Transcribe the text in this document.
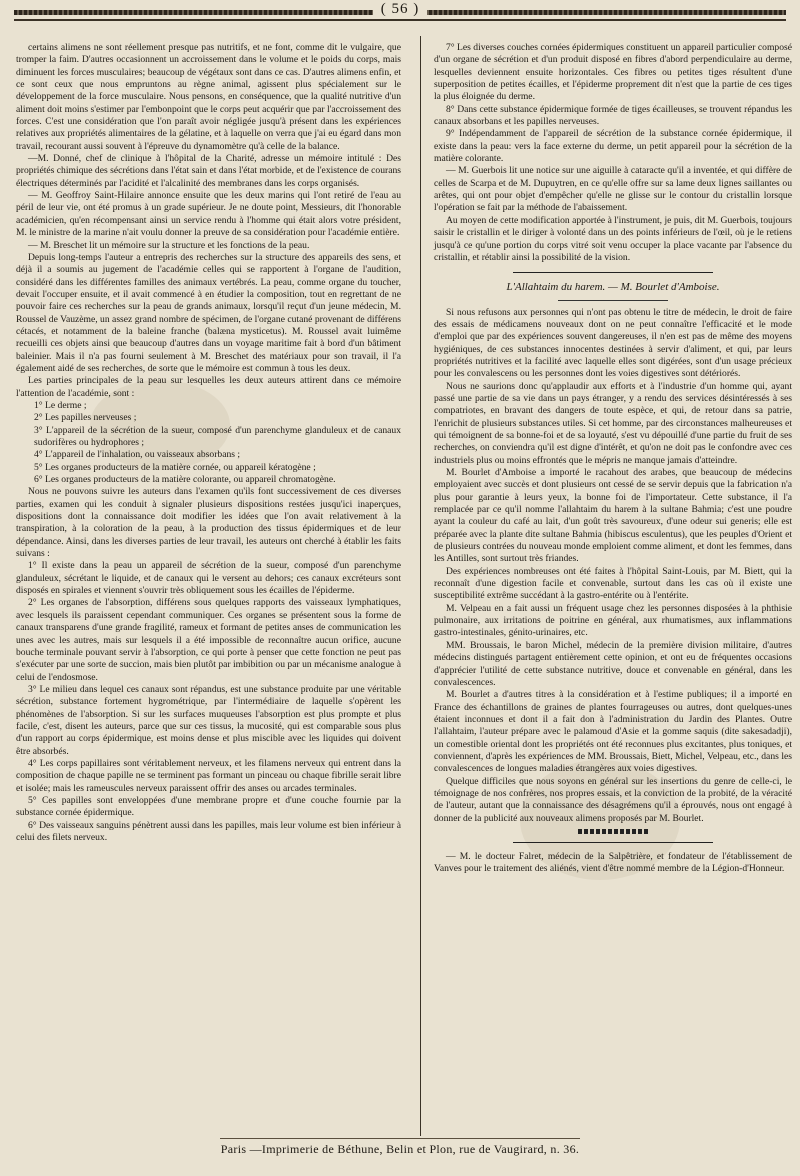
( 56 )

certains alimens ne sont réellement presque pas nutritifs, et ne font, comme dit le vulgaire, que tromper la faim. D'autres occasionnent un accroissement dans le volume et le poids du corps, mais diminuent les forces musculaires; beaucoup de végétaux sont dans ce cas. D'autres alimens enfin, et ce sont ceux que nous empruntons au règne animal, agissent plus spécialement sur le développement de la force musculaire. Nous pensons, en conséquence, que la qualité nutritive d'un aliment doit moins s'estimer par l'embonpoint que le corps peut acquérir que par l'accroissement des forces. C'est une considération que l'on paraît avoir négligée jusqu'à présent dans les expériences relatives aux propriétés alimentaires de la gélatine, et à laquelle on verra que j'ai eu égard dans mon travail, recourant aussi souvent à l'épreuve du dynamomètre qu'à celle de la balance.

—M. Donné, chef de clinique à l'hôpital de la Charité, adresse un mémoire intitulé : Des propriétés chimique des sécrétions dans l'état sain et dans l'état morbide, et de l'existence de courans électriques déterminés par l'acidité et l'alcalinité des membranes dans les corps organisés.

— M. Geoffroy Saint-Hilaire annonce ensuite que les deux marins qui l'ont retiré de l'eau au péril de leur vie, ont été promus à un grade supérieur. Je ne doute point, Messieurs, dit l'honorable académicien, qu'en récompensant ainsi un service rendu à l'homme qui était alors votre président, M. le ministre de la marine n'ait voulu donner la preuve de sa considération pour l'académie entière.

— M. Breschet lit un mémoire sur la structure et les fonctions de la peau.

Depuis long-temps l'auteur a entrepris des recherches sur la structure des appareils des sens, et déjà il a soumis au jugement de l'académie celles qui se rapportent à l'organe de l'audition, considéré dans les différentes familles des animaux vertébrés. La peau, comme organe du toucher, devait l'occuper ensuite, et il avait commencé à en étudier la composition, tout en regrettant de ne pouvoir faire ces recherches sur la peau de grands animaux, lorsqu'il reçut d'un jeune médecin, M. Roussel de Vauzème, un assez grand nombre de spécimen, de l'organe cutané provenant de différens cétacés, et notamment de la baleine franche (balæna mysticetus). M. Roussel avait luimême recueilli ces objets ainsi que beaucoup d'autres dans un voyage maritime fait à bord d'un bâtiment baleinier. Mais il n'a pas fourni seulement à M. Breschet des matériaux pour son travail, il l'a également aidé de ses recherches, de sorte que le mémoire est commun à tous les deux.

Les parties principales de la peau sur lesquelles les deux auteurs attirent dans ce mémoire l'attention de l'académie, sont :

1° Le derme ;

2° Les papilles nerveuses ;

3° L'appareil de la sécrétion de la sueur, composé d'un parenchyme glanduleux et de canaux sudorifères ou hydrophores ;

4° L'appareil de l'inhalation, ou vaisseaux absorbans ;

5° Les organes producteurs de la matière cornée, ou appareil kératogène ;

6° Les organes producteurs de la matière colorante, ou appareil chromatogène.

Nous ne pouvons suivre les auteurs dans l'examen qu'ils font successivement de ces diverses parties, examen qui les conduit à signaler plusieurs dispositions restées jusqu'ici inaperçues, dispositions dont la connaissance doit modifier les idées que l'on avait relativement à la transpiration, à la coloration de la peau, à la production des tissus épidermiques et de leur dépendance. Ainsi, dans les diverses parties de leur travail, les auteurs ont cherché à établir les faits suivans :

1° Il existe dans la peau un appareil de sécrétion de la sueur, composé d'un parenchyme glanduleux, sécrétant le liquide, et de canaux qui le versent au dehors; ces canaux excréteurs sont disposés en spirales et viennent s'ouvrir très obliquement sous les écailles de l'épiderme.

2° Les organes de l'absorption, différens sous quelques rapports des vaisseaux lymphatiques, avec lesquels ils paraissent cependant communiquer. Ces organes se présentent sous la forme de canaux transparens d'une grande fragilité, rameux et formant de petites anses de communication les unes avec les autres, mais sur lesquels il a été impossible de reconnaître aucun orifice, aucune bouche terminale pouvant servir à l'absorption, ce qui porte à penser que cette fonction ne peut pas s'exécuter par une sorte de succion, mais bien plutôt par imbibition ou par un mécanisme analogue à celui de l'endosmose.

3° Le milieu dans lequel ces canaux sont répandus, est une substance produite par une véritable sécrétion, substance fortement hygrométrique, par l'intermédiaire de laquelle s'opèrent les phénomènes de l'absorption. Si sur les surfaces muqueuses l'absorption est plus prompte et plus facile, c'est, disent les auteurs, parce que sur ces tissus, la mucosité, qui est comparable sous plus d'un rapport au corps épidermique, est moins dense et plus miscible avec les liquides qui doivent être absorbés.

4° Les corps papillaires sont véritablement nerveux, et les filamens nerveux qui entrent dans la composition de chaque papille ne se terminent pas formant un pinceau ou chaque fibrille serait libre et isolée; mais les rameuscules nerveux paraissent offrir des anses ou arcades terminales.

5° Ces papilles sont enveloppées d'une membrane propre et d'une couche fournie par la substance cornée épidermique.

6° Des vaisseaux sanguins pénètrent aussi dans les papilles, mais leur volume est bien inférieur à celui des filets nerveux.

7° Les diverses couches cornées épidermiques constituent un appareil particulier composé d'un organe de sécrétion et d'un produit disposé en fibres d'abord perpendiculaire au derme, lesquelles deviennent ensuite horizontales. Ces fibres ou petites tiges résultent d'une superposition de petites écailles, et l'épiderme proprement dit n'est que la partie de ces tiges la plus éloignée du derme.

8° Dans cette substance épidermique formée de tiges écailleuses, se trouvent répandus les canaux absorbans et les papilles nerveuses.

9° Indépendamment de l'appareil de sécrétion de la substance cornée épidermique, il existe dans la peau: vers la face externe du derme, un petit appareil pour la sécrétion de la matière colorante.

— M. Guerbois lit une notice sur une aiguille à cataracte qu'il a inventée, et qui diffère de celles de Scarpa et de M. Dupuytren, en ce qu'elle offre sur sa lame deux lignes saillantes ou arêtes, qui ont pour objet d'empêcher qu'elle ne glisse sur le contour du cristallin lorsque l'opération se fait par la méthode de l'abaissement.

Au moyen de cette modification apportée à l'instrument, je puis, dit M. Guerbois, toujours saisir le cristallin et le diriger à volonté dans un des points inférieurs de l'œil, où je le retiens jusqu'à ce qu'une portion du corps vitré soit venu occuper la place vacante par l'absence du cristallin, et rétablir ainsi la possibilité de la vision.

L'Allahtaim du harem. — M. Bourlet d'Amboise.

Si nous refusons aux personnes qui n'ont pas obtenu le titre de médecin, le droit de faire des essais de médicamens nouveaux dont on ne peut connaître l'efficacité et le mode d'emploi que par des expériences souvent dangereuses, il n'en est pas de même des moyens hygiéniques, de ces substances innocentes destinées à servir d'aliment, et qui, par leurs propriétés nutritives et la facilité avec laquelle elles sont digérées, sont d'un usage précieux pour les convalescens ou les personnes dont les voies digestives sont détériorés.

Nous ne saurions donc qu'applaudir aux efforts et à l'industrie d'un homme qui, ayant passé une partie de sa vie dans un pays étranger, y a rendu des services désintéressés à ses compatriotes, en bravant des dangers de toute espèce, et qui, de retour dans sa patrie, l'enrichit de plusieurs substances utiles. Si cet homme, par des circonstances malheureuses et qui témoignent de sa bonne-foi et de sa loyauté, s'est vu dépouillé d'une partie du fruit de ses recherches, on conviendra qu'il est digne d'intérêt, et qu'on ne doit pas le confondre avec ces industriels plus ou moins effrontés que le mépris ne manque jamais d'atteindre.

M. Bourlet d'Amboise a importé le racahout des arabes, que beaucoup de médecins employaient avec succès et dont plusieurs ont cessé de se servir depuis que la fabrication n'a plus pour garantie à leurs yeux, la bonne foi de l'importateur. Cette substance, il l'a remplacée par ce qu'il nomme l'allahtaim du harem à la sultane Bahmia; c'est une poudre ayant la couleur du café au lait, d'un goût très savoureux, d'une odeur sui generis; elle est préparée avec la plante dite sultane Bahmia (hibiscus esculentus), que les peuples d'Orient et de plusieurs contrées du nouveau monde emploient comme aliment, et dont les femmes, dans les Antilles, sont surtout très friandes.

Des expériences nombreuses ont été faites à l'hôpital Saint-Louis, par M. Biett, qui la reconnaît d'une digestion facile et convenable, surtout dans les cas où il existe une susceptibilité extrême succédant à la gastro-entérite ou à l'entérite.

M. Velpeau en a fait aussi un fréquent usage chez les personnes disposées à la phthisie pulmonaire, aux irritations de poitrine en général, aux rhumatismes, aux inflammations gastro-intestinales, génito-urinaires, etc.

MM. Broussais, le baron Michel, médecin de la première division militaire, d'autres médecins distingués partagent entièrement cette opinion, et ont eu de fréquentes occasions d'apprécier l'utilité de cette substance nutritive, douce et convenable en général, dans les convalescences.

M. Bourlet a d'autres titres à la considération et à l'estime publiques; il a importé en France des échantillons de graines de plantes fourrageuses ou autres, dont quelques-unes étaient inconnues et dont il a fait don à l'administration du Jardin des Plantes. Outre l'allahtaim, l'auteur prépare avec le palamoud d'Asie et la gomme saquis (dite sakesadadji), un comestible oriental dont les propriétés ont été reconnues plus excitantes, plus toniques, et conviennent, d'après les expériences de MM. Broussais, Biett, Michel, Velpeau, etc., dans les convalescences de longues maladies étrangères aux voies digestives.

Quelque difficiles que nous soyons en général sur les insertions du genre de celle-ci, le témoignage de nos confrères, nos propres essais, et la conviction de la probité, de la véracité de l'auteur, autant que la connaissance des désagrémens qu'il a éprouvés, nous ont engagé à donner de la publicité aux nouveaux alimens proposés par M. Bourlet.

— M. le docteur Falret, médecin de la Salpêtrière, et fondateur de l'établissement de Vanves pour le traitement des aliénés, vient d'être nommé membre de la Légion-d'Honneur.

Paris —Imprimerie de Béthune, Belin et Plon, rue de Vaugirard, n. 36.
